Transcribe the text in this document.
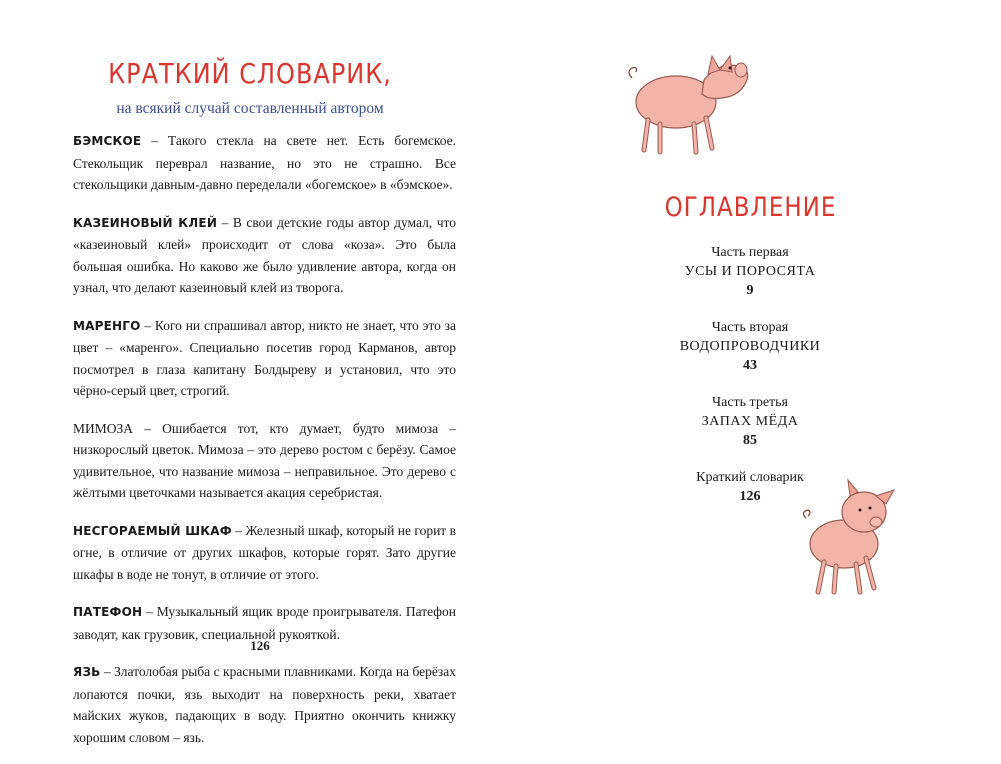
КРАТКИЙ СЛОВАРИК,
на всякий случай составленный автором

БЭМСКОЕ – Такого стекла на свете нет. Есть богемское. Стекольщик переврал название, но это не страшно. Все стекольщики давным-давно переделали «богемское» в «бэмское».

КАЗЕИНОВЫЙ КЛЕЙ – В свои детские годы автор думал, что «казеиновый клей» происходит от слова «коза». Это была большая ошибка. Но каково же было удивление автора, когда он узнал, что делают казеиновый клей из творога.

МАРЕНГО – Кого ни спрашивал автор, никто не знает, что это за цвет – «маренго». Специально посетив город Карманов, автор посмотрел в глаза капитану Болдыреву и установил, что это чёрно-серый цвет, строгий.

МИМОЗА – Ошибается тот, кто думает, будто мимоза – низкорослый цветок. Мимоза – это дерево ростом с берёзу. Самое удивительное, что название мимоза – неправильное. Это дерево с жёлтыми цветочками называется акация серебристая.

НЕСГОРАЕМЫЙ ШКАФ – Железный шкаф, который не горит в огне, в отличие от других шкафов, которые горят. Зато другие шкафы в воде не тонут, в отличие от этого.

ПАТЕФОН – Музыкальный ящик вроде проигрывателя. Патефон заводят, как грузовик, специальной рукояткой.

ЯЗЬ – Златолобая рыба с красными плавниками. Когда на берёзах лопаются почки, язь выходит на поверхность реки, хватает майских жуков, падающих в воду. Приятно окончить книжку хорошим словом – язь.

126
ОГЛАВЛЕНИЕ
Часть первая
УСЫ И ПОРОСЯТА
9
Часть вторая
ВОДОПРОВОДЧИКИ
43
Часть третья
ЗАПАХ МЁДА
85
Краткий словарик
126
